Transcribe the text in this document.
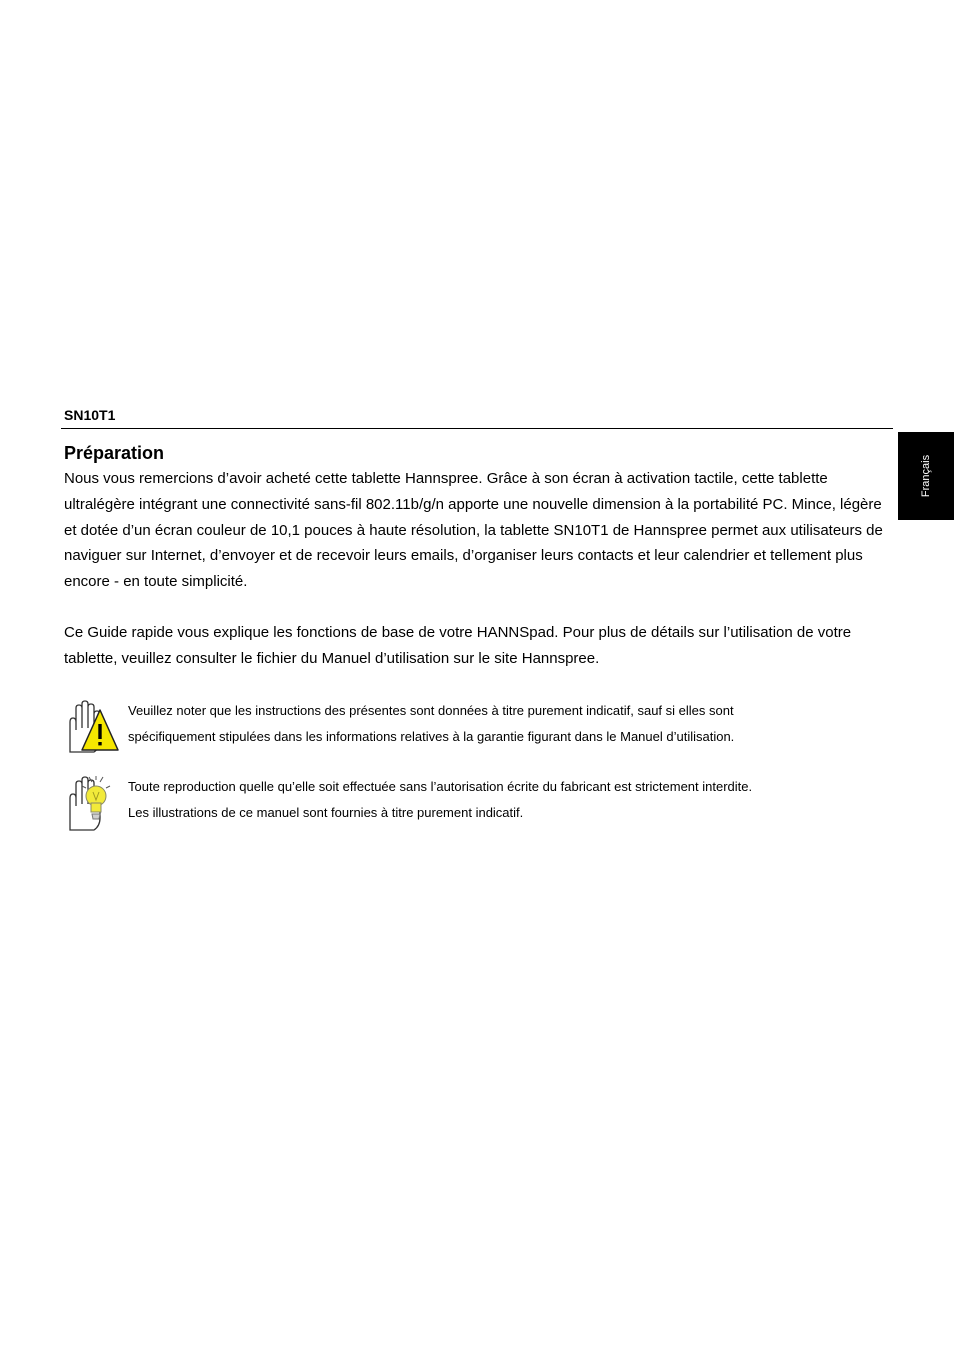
SN10T1
Français
Préparation

Nous vous remercions d’avoir acheté cette tablette Hannspree. Grâce à son écran à activation tactile, cette tablette ultralégère intégrant une connectivité sans-fil 802.11b/g/n apporte une nouvelle dimension à la portabilité PC. Mince, légère et dotée d’un écran couleur de 10,1 pouces à haute résolution, la tablette SN10T1 de Hannspree permet aux utilisateurs de naviguer sur Internet, d’envoyer et de recevoir leurs emails, d’organiser leurs contacts et leur calendrier et tellement plus encore - en toute simplicité.

Ce Guide rapide vous explique les fonctions de base de votre HANNSpad. Pour plus de détails sur l’utilisation de votre tablette, veuillez consulter le fichier du Manuel d’utilisation sur le site Hannspree.

Veuillez noter que les instructions des présentes sont données à titre purement indicatif, sauf si elles sont
spécifiquement stipulées dans les informations relatives à la garantie figurant dans le Manuel d’utilisation.
Toute reproduction quelle qu’elle soit effectuée sans l’autorisation écrite du fabricant est strictement interdite.
Les illustrations de ce manuel sont fournies à titre purement indicatif.
